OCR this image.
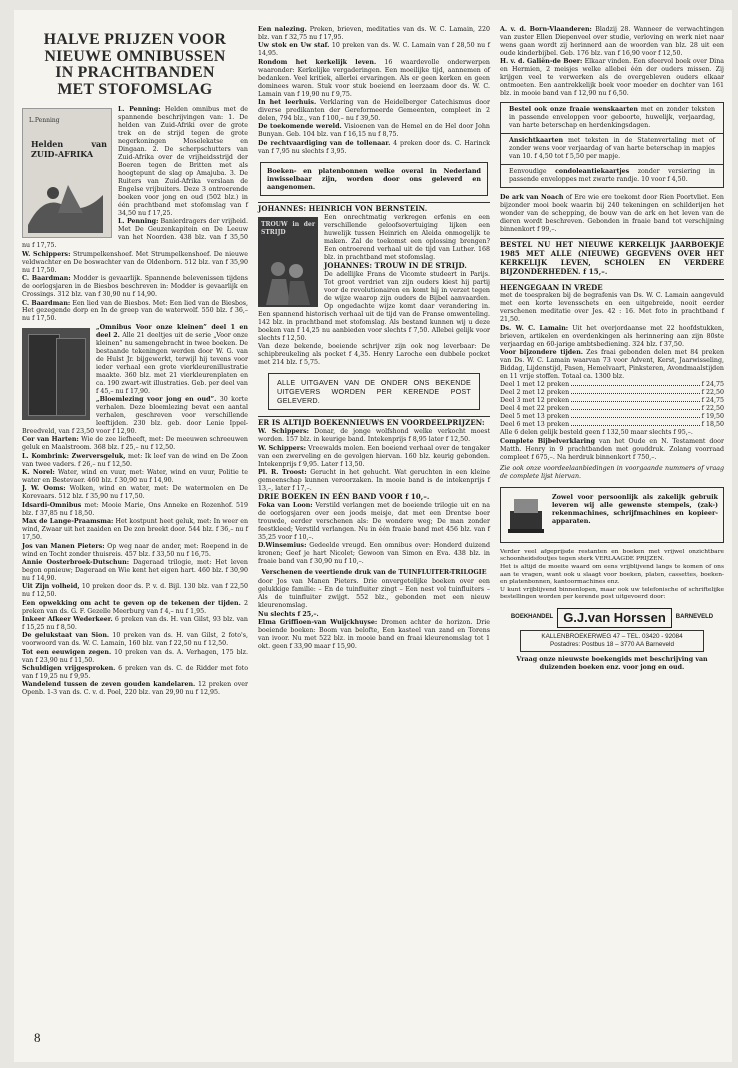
HALVE PRIJZEN VOOR
NIEUWE OMNIBUSSEN
IN PRACHTBANDEN
MET STOFOMSLAG
L.Penning
Helden van ZUID-AFRIKA

L. Penning: Helden omnibus met de spannende beschrijvingen van: 1. De helden van Zuid-Afriki over de grote trek en de strijd tegen de grote negerkoningen Moselekatse en Dingaan. 2. De scherpschutters van Zuid-Afrika over de vrijheidsstrijd der Boeren tegen de Britten met als hoogtepunt de slag op Amajuba. 3. De Ruiters van Zuid-Afrika verslaan de Engelse vrijbuiters. Deze 3 ontroerende boeken voor jong en oud (502 blz.) in één prachtband met stofomslag van f 34,50 nu f 17,25.

L. Penning: Banierdragers der vrijheid. Met De Geuzenkapitein en De Leeuw van het Noorden. 438 blz. van f 35,50 nu f 17,75.

W. Schippers: Strumpelkenshoef. Met Strumpelkenshoef. De nieuwe veldwachter en De boswachter van de Oldenborn. 512 blz. van f 35,90 nu f 17,50.

C. Baardman: Modder is gevaarlijk. Spannende belevenissen tijdens de oorlogsjaren in de Biesbos beschreven in: Modder is gevaarlijk en Crossings. 312 blz. van f 30,90 nu f 14,90.

C. Baardman: Een lied van de Biesbos. Met: Een lied van de Biesbos, Het gezegende dorp en In de greep van de waterwolf. 550 blz. f 36,– nu f 17,50.

„Omnibus Voor onze kleinen” deel 1 en deel 2. Alle 21 deeltjes uit de serie „Voor onze kleinen” nu samengebracht in twee boeken. De bestaande tekeningen werden door W. G. van de Hulst Jr. bijgewerkt, terwijl hij tevens voor ieder verhaal een grote vierkleurenillustratie maakte. 360 blz. met 21 vierkleurenplaten en ca. 190 zwart-wit illustraties. Geb. per deel van f 45,– nu f 17,90.

„Bloemlezing voor jong en oud”. 30 korte verhalen. Deze bloemlezing bevat een aantal verhalen, geschreven voor verschillende leeftijden. 230 blz. geb. door Lenie Ippel-Breedveld, van f 23,50 voor f 12,90.

Cor van Harten: Wie de zee liefheeft, met: De meeuwen schreeuwen geluk en Maalstroom. 368 blz. f 25,– nu f 12,50.

L. Kombrink: Zwerversgeluk, met: Ik leef van de wind en De Zoon van twee vaders. f 26,– nu f 12,50.

K. Norel: Water, wind en vuur, met: Water, wind en vuur, Politie te water en Bestevaer. 460 blz. f 30,90 nu f 14,90.

J. W. Ooms: Wolken, wind en water, met: De watermolen en De Korevaars. 512 blz. f 35,90 nu f 17,50.

Idsardi-Omnibus met: Mooie Marie, Ons Anneke en Rozenhof. 519 blz. f 37,85 nu f 18,50.

Max de Lange-Praamsma: Het kostpunt heet geluk, met: In weer en wind, Zwaar uit het zaaiden en De zon breekt door. 544 blz. f 36,– nu f 17,50.

Jos van Manen Pieters: Op weg naar de ander, met: Roepend in de wind en Tocht zonder thuisreis. 457 blz. f 33,50 nu f 16,75.

Annie Oosterbroek-Dutschun: Dageraad trilogie, met: Het leven begon opnieuw; Dageraad en Wie kent het eigen hart. 460 blz. f 30,90 nu f 14,90.

Uit Zijn volheid, 10 preken door ds. P. v. d. Bijl. 130 blz. van f 22,50 nu f 12,50.

Een opwekking om acht te geven op de tekenen der tijden. 2 preken van ds. G. F. Gezelle Meerburg van f 4,– nu f 1,95.

Inkeer Afkeer Wederkeer. 6 preken van ds. H. van Gilst, 93 blz. van f 15,25 nu f 8,50.

De gelukstaat van Sion. 10 preken van ds. H. van Gilst, 2 foto's, voorwoord van ds. W. C. Lamain, 160 blz. van f 22,50 nu f 12,50.

Tot een eeuwigen zegen. 10 preken van ds. A. Verhagen, 175 blz. van f 23,90 nu f 11,50.

Schuldigen vrijgesproken. 6 preken van ds. C. de Ridder met foto van f 19,25 nu f 9,95.

Wandelend tussen de zeven gouden kandelaren. 12 preken over Openb. 1-3 van ds. C. v. d. Poel, 220 blz. van 29,90 nu f 12,95.

Een nalezing. Preken, brieven, meditaties van ds. W. C. Lamain, 220 blz. van f 32,75 nu f 17,95.

Uw stok en Uw staf. 10 preken van ds. W. C. Lamain van f 28,50 nu f 14,95.

Rondom het kerkelijk leven. 16 waardevolle onderwerpen waaronder: Kerkelijke vergaderingen. Een moeilijke tijd, aannemen of bedanken. Veel kritiek, allerlei ervaringen. Als er geen kerken en geen dominees waren. Stuk voor stuk boeiend en leerzaam door ds. W. C. Lamain van f 19,90 nu f 9,75.

In het leerhuis. Verklaring van de Heidelberger Catechismus door diverse predikanten der Gereformeerde Gemeenten, compleet in 2 delen, 794 blz., van f 100,– nu f 39,50.

De toekomende wereld. Visioenen van de Hemel en de Hel door John Bunyan. Geb. 104 blz. van f 16,15 nu f 8,75.

De rechtvaardiging van de tollenaar. 4 preken door ds. C. Harinck van f 7,95 nu slechts f 3,95.

Boeken- en platenbonnen welke overal in Nederland inwisselbaar zijn, worden door ons geleverd en aangenomen.
JOHANNES: HEINRICH VON BERNSTEIN.
TROUW in der STRIJD

Een onrechtmatig verkregen erfenis en een verschillende geloofsovertuiging lijken een huwelijk tussen Heinrich en Aleida onmogelijk te maken. Zal de toekomst een oplossing brengen? Een ontroerend verhaal uit de tijd van Luther. 168 blz. in prachtband met stofomslag.

JOHANNES: TROUW IN DE STRIJD.

De adellijke Frans de Vicomte studeert in Parijs. Tot groot verdriet van zijn ouders kiest hij partij voor de revolutionairen en komt hij in verzet tegen de wijze waarop zijn ouders de Bijbel aanvaarden. Op ongedachte wijze komt daar verandering in. Een spannend historisch verhaal uit de tijd van de Franse omwenteling. 142 blz. in prachtband met stofomslag. Als bestand kunnen wij u deze boeken van f 14,25 nu aanbieden voor slechts f 7,50. Allebei gelijk voor slechts f 12,50.

Van deze bekende, boeiende schrijver zijn ook nog leverbaar: De schipbreukeling als pocket f 4,35. Henry Laroche een dubbele pocket met 214 blz. f 5,75.

ALLE UITGAVEN VAN DE ONDER ONS BEKENDE UITGEVERS WORDEN PER KERENDE POST GELEVERD.
ER IS ALTIJD BOEKENNIEUWS EN VOORDEELPRIJZEN:

W. Schippers: Donar, de jonge wolfshond welke verkocht moest worden. 157 blz. in keurige band. Intekenprijs f 8,95 later f 12,50.

W. Schippers: Vreewalds molen. Een boeiend verhaal over de tengaker van een zwerveling en de gevolgen hiervan. 160 blz. keurig gebonden. Intekenprijs f 9,95. Later f 13,50.

Pl. R. Troost: Gerucht in het gehucht. Wat geruchten in een kleine gemeenschap kunnen veroorzaken. In mooie band is de intekenprijs f 13,–, later f 17,–.

DRIE BOEKEN IN EÉN BAND VOOR f 10,–.

Foka van Loon: Verstild verlangen met de boeiende trilogie uit en na de oorlogsjaren over een joods meisje, dat met een Drentse boer trouwde, eerder verschenen als: De wondere weg; De man zonder feestkleed; Verstild verlangen. Nu in één fraaie band met 456 blz. van f 35,25 voor f 10,–.

D.Winsemius: Gedeelde vreugd. Een omnibus over: Honderd duizend kronen; Geef je hart Nicolet; Gewoon van Simon en Eva. 438 blz. in fraaie band van f 30,90 nu f 10,–.

Verschenen de veertiende druk van de TUINFLUITER-TRILOGIE

door Jos van Manen Pieters. Drie onvergetelijke boeken over een gelukkige familie: – En de tuinfluiter zingt – Een nest vol tuinfluiters – Als de tuinfluiter zwijgt. 552 blz., gebonden met een nieuw kleurenomslag.

Nu slechts f 25,–.

Elma Griffioen-van Wuijckhuyse: Dromen achter de horizon. Drie boeiende boeken: Boom van belofte, Een kasteel van zand en Torens van ivoor. Nu met 522 blz. in mooie band en fraai kleurenomslag tot 1 okt. geen f 33,90 maar f 15,90.

A. v. d. Born-Vlaanderen: Bladzij 28. Wanneer de verwachtingen van zuster Ellen Diepenveel over studie, verloving en werk niet naar wens gaan wordt zij herinnerd aan de woorden van blz. 28 uit een oude kinderbijbel. Geb. 176 blz. van f 16,90 voor f 12,50.

H. v. d. Galiën-de Boer: Elkaar vinden. Een sfeervol boek over Dina en Hermien, 2 meisjes welke allebei één der ouders missen. Zij krijgen veel te verwerken als de overgebleven ouders elkaar ontmoeten. Een aantrekkelijk boek voor moeder en dochter van 161 blz. in mooie band van f 12,90 nu f 6,50.

Bestel ook onze fraaie wenskaarten met en zonder teksten in passende enveloppen voor geboorte, huwelijk, verjaardag, van harte beterschap en herdenkingsdagen.
Ansichtkaarten met teksten in de Statenvertaling met of zonder wens voor verjaardag of van harte beterschap in mapjes van 10. f 4,50 tot f 5,50 per mapje.
Eenvoudige condoleantiekaartjes zonder versiering in passende enveloppes met zwarte randje. 10 voor f 4,50.

De ark van Noach of Ere wie ere toekomt door Rien Poortvliet. Een bijzonder mooi boek waarin bij 240 tekeningen en schilderijen het wonder van de schepping, de bouw van de ark en het leven van de dieren wordt beschreven. Gebonden in fraaie band tot verschijning binnenkort f 99,–.

BESTEL NU HET NIEUWE KERKELIJK JAARBOEKJE 1985 MET ALLE (NIEUWE) GEGEVENS OVER HET KERKELIJK LEVEN, SCHOLEN EN VERDERE BIJZONDERHEDEN. f 15,–.
HEENGEGAAN IN VREDE

met de toespraken bij de begrafenis van Ds. W. C. Lamain aangevuld met een korte levensschets en een uitgebreide, nooit eerder verschenen meditatie over Jes. 42 : 16. Met foto in prachtband f 21,50.

Ds. W. C. Lamain: Uit het overjordaanse met 22 hoofdstukken, brieven, artikelen en overdenkingen als herinnering aan zijn 80ste verjaardag en 60-jarige ambtsbediening. 324 blz. f 37,50.

Voor bijzondere tijden. Zes fraai gebonden delen met 84 preken van Ds. W. C. Lamain waarvan 73 voor Advent, Kerst, Jaarwisseling, Biddag, Lijdenstijd, Pasen, Hemelvaart, Pinksteren, Avondmaalstijden en 11 vrije stoffen. Totaal ca. 1300 blz.

Deel 1 met 12 preken	f 24,75
Deel 2 met 12 preken	f 22,50
Deel 3 met 12 preken	f 24,75
Deel 4 met 22 preken	f 22,50
Deel 5 met 13 preken	f 19,50
Deel 6 met 13 preken	f 18,50

Alle 6 delen gelijk besteld geen f 132,50 maar slechts f 95,–.

Complete Bijbelverklaring van het Oude en N. Testament door Matth. Henry in 9 prachtbanden met gouddruk. Zolang voorraad compleet f 675,–. Na herdruk binnenkort f 750,–.

Zie ook onze voordeelaanbiedingen in voorgaande nummers of vraag de complete lijst hiervan.

Zowel voor persoonlijk als zakelijk gebruik leveren wij alle gewenste stempels, (zak-) rekenmachines, schrijfmachines en kopieer-apparaten.

Verder veel afgeprijsde restanten en boeken met vrijwel onzichtbare schoonheidsfoutjes tegen sterk VERLAAGDE PRIJZEN.

Het is altijd de moeite waard om eens vrijblijvend langs te komen of ons aan te vragen, want ook u slaagt voor boeken, platen, cassettes, boeken- en platenbonnen, kantoormachines enz.

U kunt vrijblijvend binnenlopen, maar ook uw telefonische of schriftelijke bestellingen worden per kerende post uitgevoerd door:

BOEKHANDEL G.J.van Horssen	BARNEVELD
KALLENBROEKERWEG 47 – TEL. 03420 - 92084
Postadres: Postbus 18 – 3770 AA Barneveld

Vraag onze nieuwste boekengids met beschrijving van duizenden boeken enz. voor jong en oud.

8
